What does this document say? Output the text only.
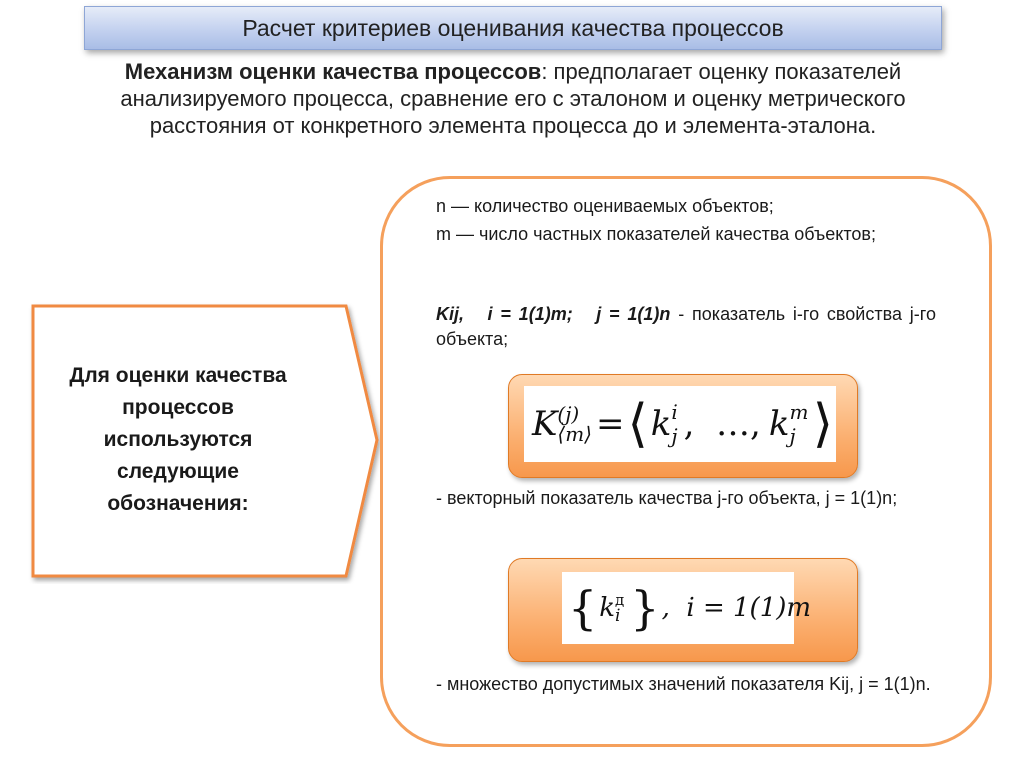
Расчет критериев оценивания качества процессов
Механизм оценки качества процессов: предполагает оценку показателей анализируемого процесса, сравнение его с эталоном и оценку метрического расстояния от конкретного элемента процесса до и элемента-эталона.
Для оценки качества процессов используются следующие обозначения:
n — количество оцениваемых объектов;
m — число частных показателей качества объектов;
Kij,   i = 1(1)m;   j = 1(1)n - показатель i-го свойства j-го объекта;
K (j)
⟨m⟩ = ⟨ k i j ,  …, k m j ⟩
- векторный показатель качества j-го объекта, j = 1(1)n;
{ k д
i } ,  i = 1(1)m
- множество допустимых значений показателя Kij, j = 1(1)n.
